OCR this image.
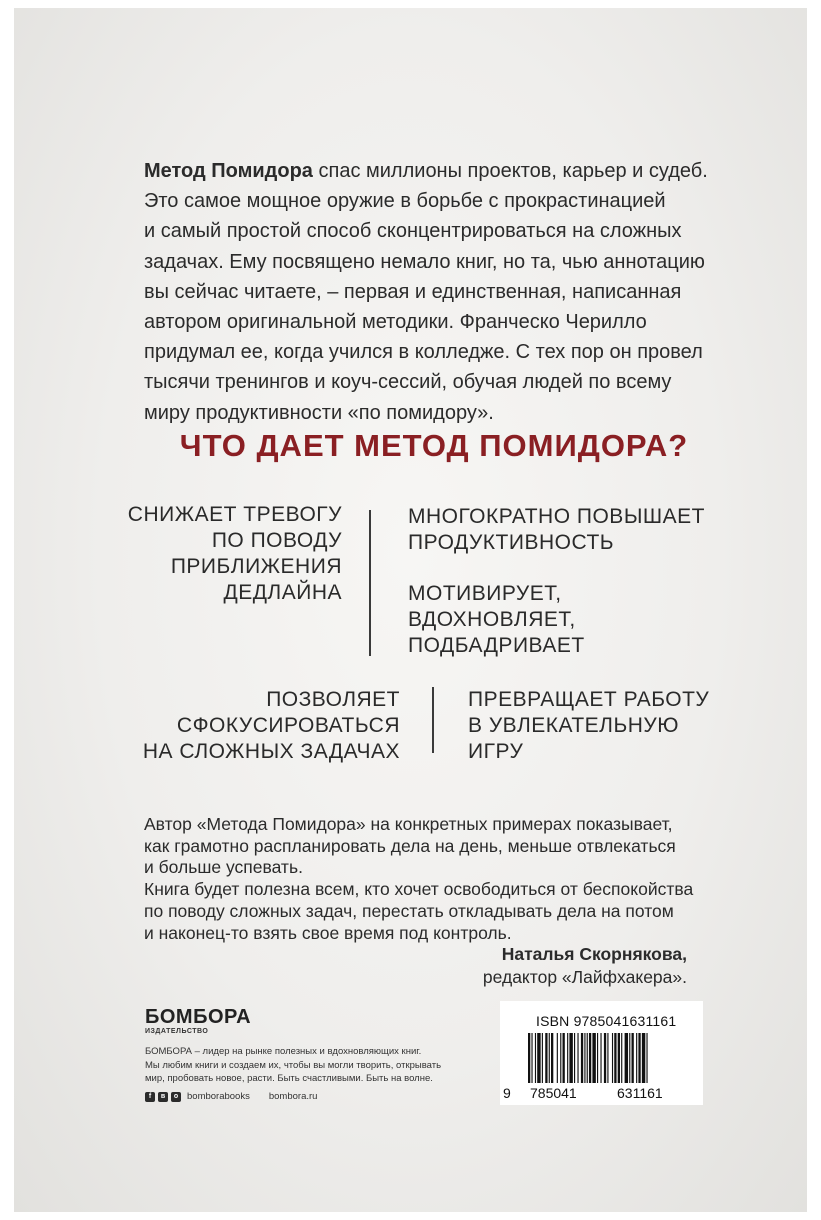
Метод Помидора спас миллионы проектов, карьер и судеб.

Это самое мощное оружие в борьбе с прокрастинацией

и самый простой способ сконцентрироваться на сложных

задачах. Ему посвящено немало книг, но та, чью аннотацию

вы сейчас читаете, – первая и единственная, написанная

автором оригинальной методики. Франческо Черилло

придумал ее, когда учился в колледже. С тех пор он провел

тысячи тренингов и коуч-сессий, обучая людей по всему

миру продуктивности «по помидору».

ЧТО ДАЕТ МЕТОД ПОМИДОРА?
СНИЖАЕТ ТРЕВОГУ
ПО ПОВОДУ
ПРИБЛИЖЕНИЯ
ДЕДЛАЙНА
МНОГОКРАТНО ПОВЫШАЕТ
ПРОДУКТИВНОСТЬ
МОТИВИРУЕТ,
ВДОХНОВЛЯЕТ,
ПОДБАДРИВАЕТ
ПОЗВОЛЯЕТ
СФОКУСИРОВАТЬСЯ
НА СЛОЖНЫХ ЗАДАЧАХ
ПРЕВРАЩАЕТ РАБОТУ
В УВЛЕКАТЕЛЬНУЮ
ИГРУ

Автор «Метода Помидора» на конкретных примерах показывает,

как грамотно распланировать дела на день, меньше отвлекаться

и больше успевать.

Книга будет полезна всем, кто хочет освободиться от беспокойства

по поводу сложных задач, перестать откладывать дела на потом

и наконец-то взять свое время под контроль.

Наталья Скорнякова,
редактор «Лайфхакера».
БОМБОРА
ИЗДАТЕЛЬСТВО
БОМБОРА – лидер на рынке полезных и вдохновляющих книг.
Мы любим книги и создаем их, чтобы вы могли творить, открывать
мир, пробовать новое, расти. Быть счастливыми. Быть на волне.
f	в	о bomborabooks bombora.ru
ISBN 9785041631161
9 785041	631161
